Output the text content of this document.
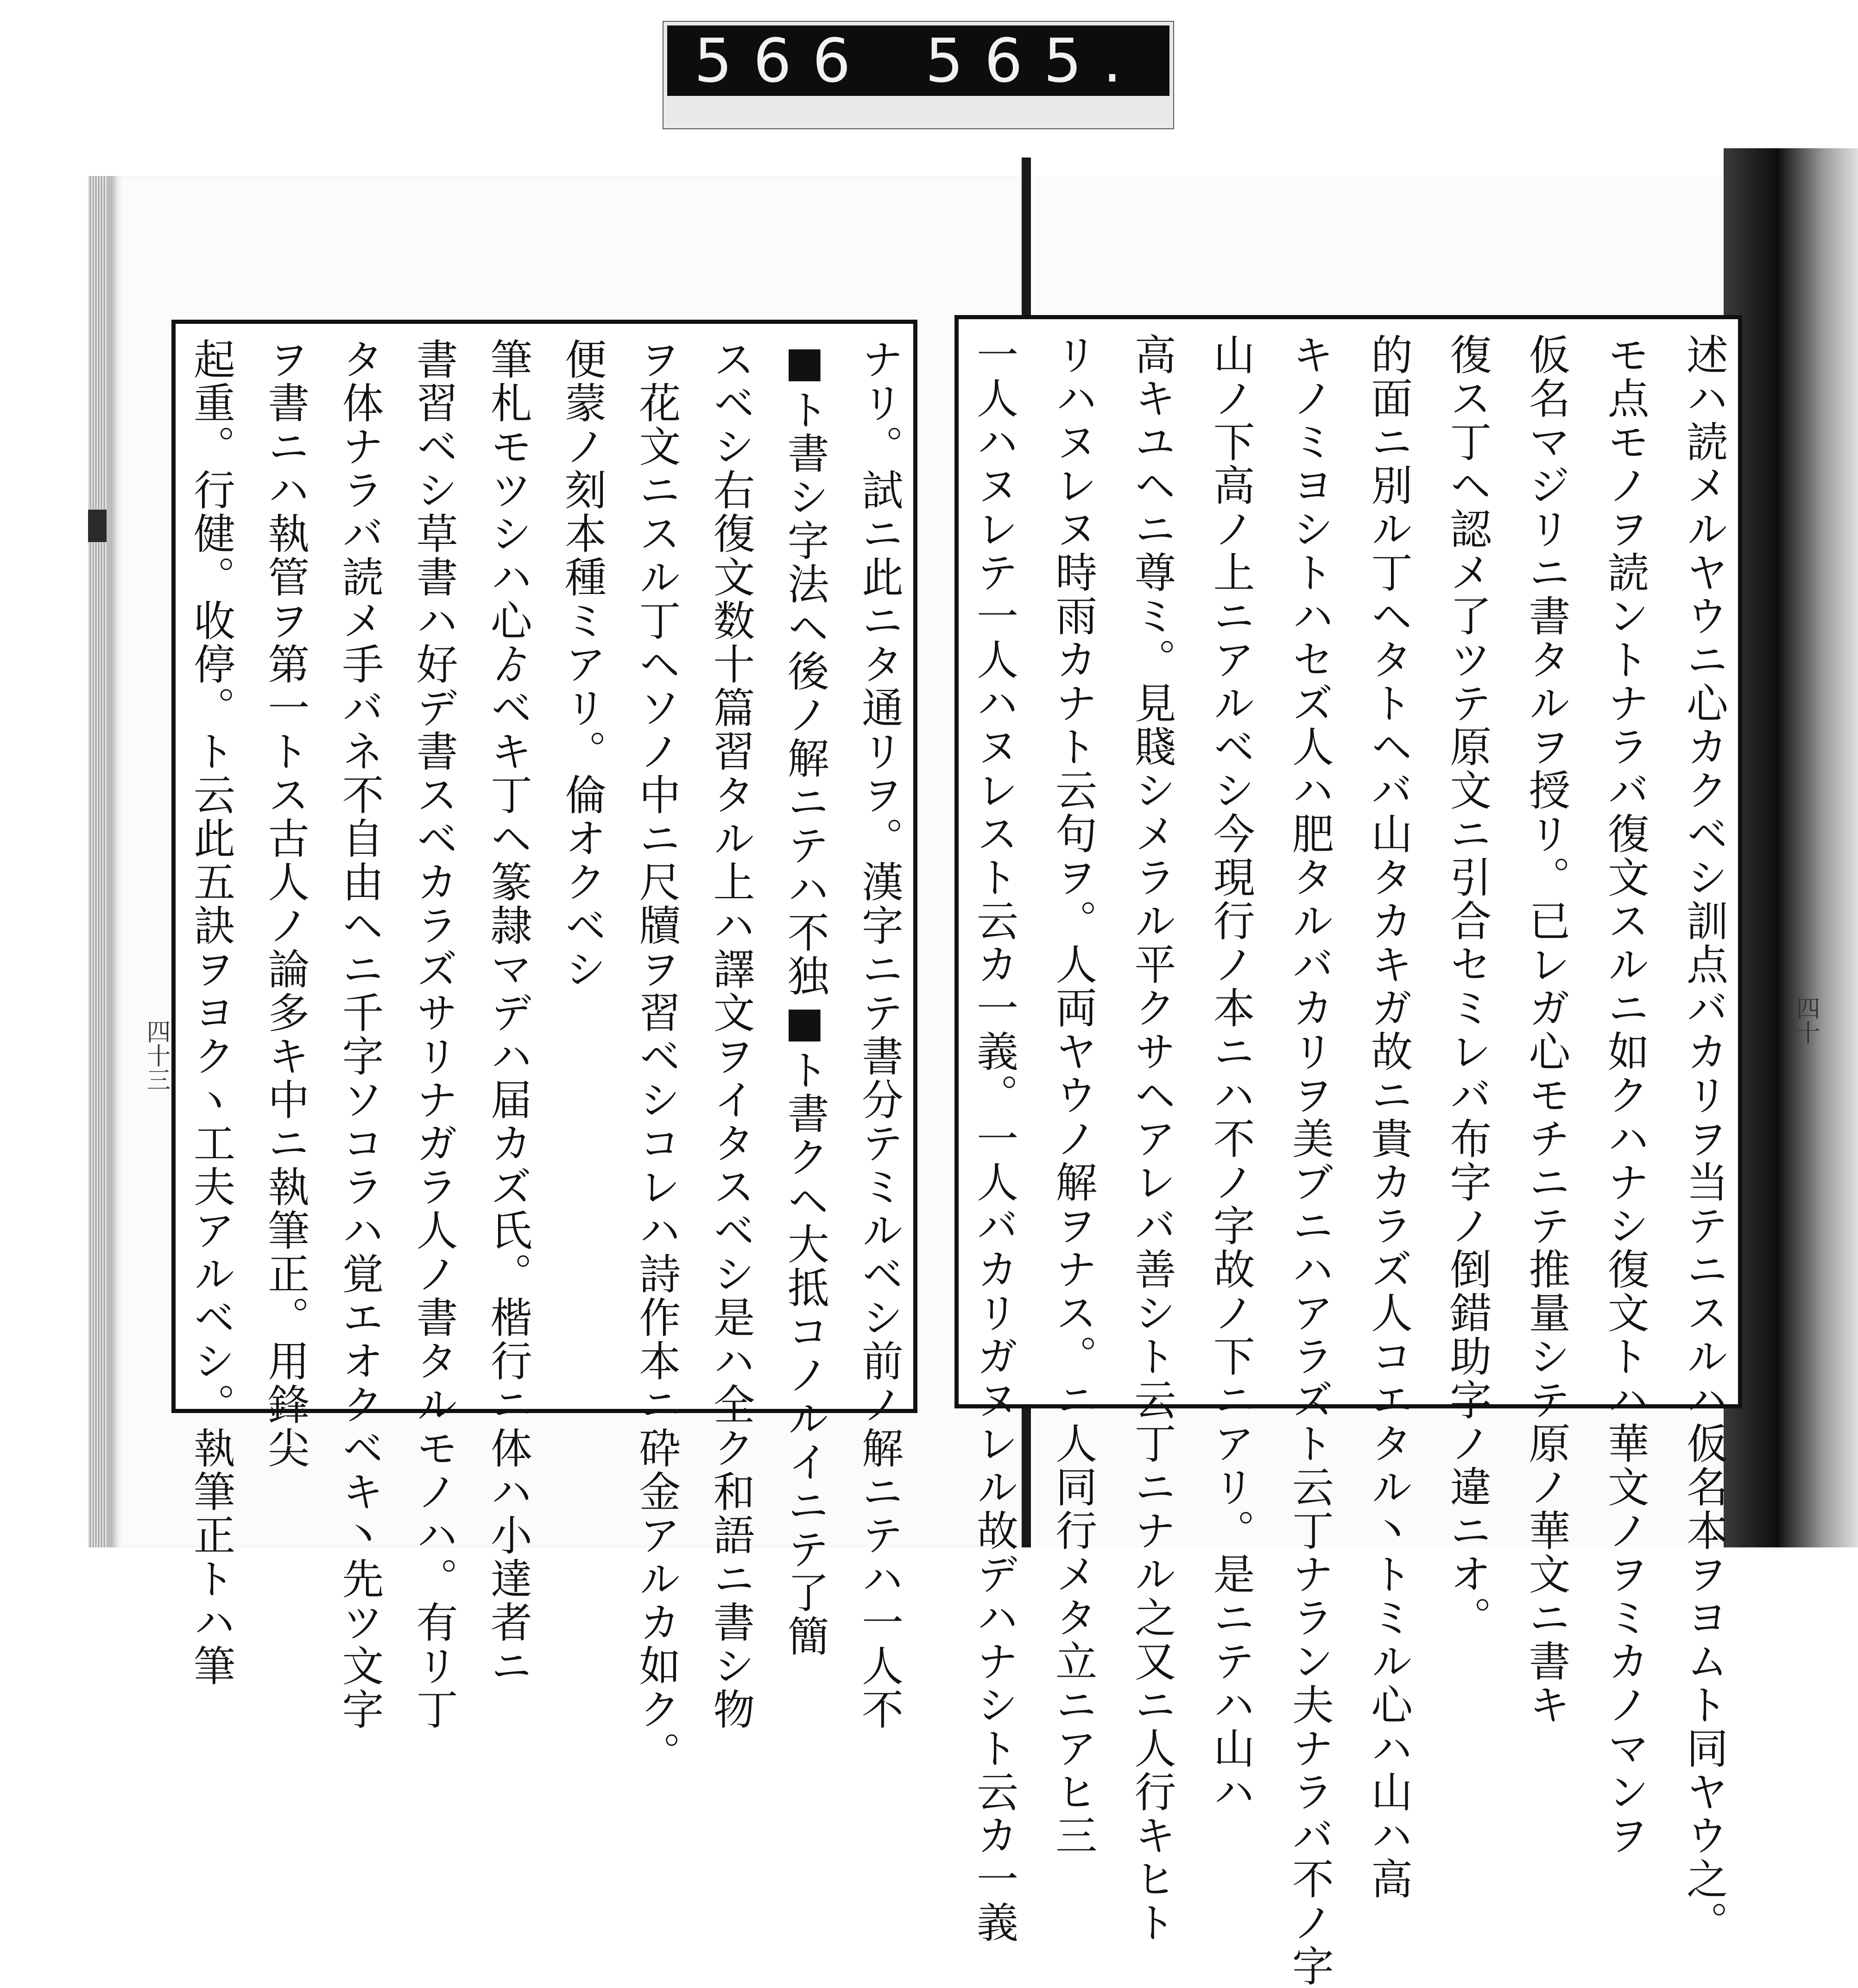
566 565.
四十三	四十
ナリ。試ニ此ニタ通リヲ。漢字ニテ書分テミルベシ前ノ解ニテハ一人不
■ト書シ字法ヘ後ノ解ニテハ不独■ト書クヘ大抵コノルイニテ了簡
スベシ右復文数十篇習タル上ハ譯文ヲイタスベシ是ハ全ク和語ニ書シ物
ヲ花文ニスル丁ヘソノ中ニ尺牘ヲ習ベシコレハ詩作本ニ砕金アルカ如ク。
便蒙ノ刻本種ミアリ。倫オクベシ
筆札モツシハ心ゟベキ丁ヘ篆隷マデハ届カズ氏。楷行ニ体ハ小達者ニ
書習ベシ草書ハ好デ書スベカラズサリナガラ人ノ書タルモノハ。有リ丁
タ体ナラバ読メ手バネ不自由ヘニ千字ソコラハ覚エオクベキ丶先ツ文字
ヲ書ニハ執管ヲ第一トス古人ノ論多キ中ニ執筆正。用鋒尖
起重。行健。收停。ト云此五訣ヲヨクヽ工夫アルベシ。執筆正トハ筆	述ハ読メルヤウニ心カクベシ訓点バカリヲ当テニスルハ仮名本ヲヨムト同ヤウ之。
モ点モノヲ読ントナラバ復文スルニ如クハナシ復文トハ華文ノヲミカノマンヲ
仮名マジリニ書タルヲ授リ。已レガ心モチニテ推量シテ原ノ華文ニ書キ
復ス丁ヘ認メ了ツテ原文ニ引合セミレバ布字ノ倒錯助字ノ違ニオ。
的面ニ別ル丁ヘタトヘバ山タカキガ故ニ貴カラズ人コエタル丶トミル心ハ山ハ高
キノミヨシトハセズ人ハ肥タルバカリヲ美ブニハアラズト云丁ナラン夫ナラバ不ノ字
山ノ下高ノ上ニアルベシ今現行ノ本ニハ不ノ字故ノ下ニアリ。是ニテハ山ハ
高キユヘニ尊ミ。見賤シメラル平クサヘアレバ善シト云丁ニナル之又ニ人行キヒト
リハヌレヌ時雨カナト云句ヲ。人両ヤウノ解ヲナス。ニ人同行メタ立ニアヒ三
一人ハヌレテ一人ハヌレスト云カ一義。一人バカリガヌレル故デハナシト云カ一義
